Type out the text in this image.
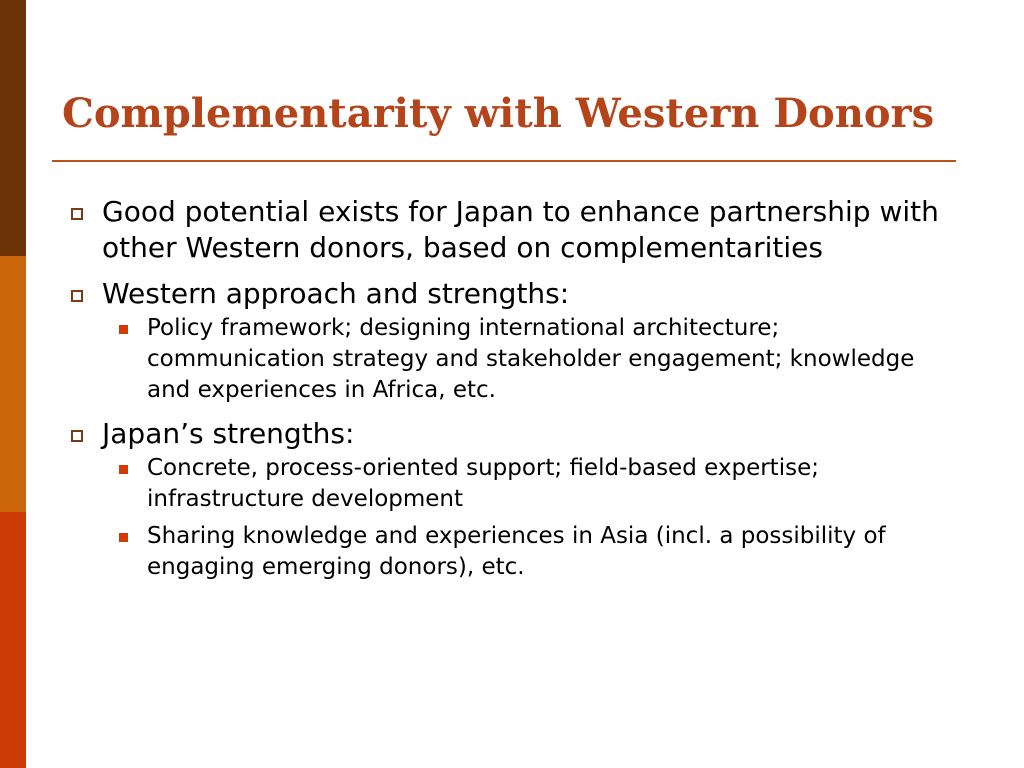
Complementarity with Western Donors
Good potential exists for Japan to enhance partnership with other Western donors, based on complementarities
Western approach and strengths:
Policy framework; designing international architecture; communication strategy and stakeholder engagement; knowledge and experiences in Africa, etc.
Japan’s strengths:
Concrete, process-oriented support; field-based expertise; infrastructure development
Sharing knowledge and experiences in Asia (incl. a possibility of engaging emerging donors), etc.
